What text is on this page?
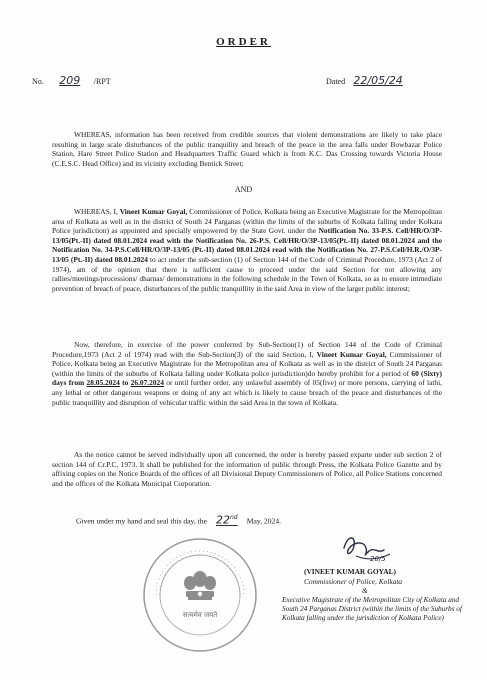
ORDER
No. 209 /RPT	Dated 22/05/24
WHEREAS, information has been received from credible sources that violent demonstrations are likely to take place resulting in large scale disturbances of the public tranquility and breach of the peace in the area falls under Bowbazar Police Station, Hare Street Police Station and Headquarters Traffic Guard which is from K.C. Das Crossing towards Victoria House (C.E.S.C. Head Office) and its vicinity excluding Bentick Street;
AND
WHEREAS, I, Vineet Kumar Goyal, Commissioner of Police, Kolkata being an Executive Magistrate for the Metropolitan area of Kolkata as well as in the district of South 24 Parganas (within the limits of the suburbs of Kolkata falling under Kolkata Police jurisdiction) as appointed and specially empowered by the State Govt. under the Notification No. 33-P.S. Cell/HR/O/3P-13/05(Pt.-II) dated 08.01.2024 read with the Notification No. 26-P.S. Cell/HR/O/3P-13/05(Pt.-II) dated 08.01.2024 and the Notification No. 34-P.S.Cell/HR/O/3P-13/05 (Pt.-II) dated 08.01.2024 read with the Notification No. 27-P.S.Cell/H.R./O/3P-13/05 (Pt.-II) dated 08.01.2024 to act under the sub-section (1) of Section 144 of the Code of Criminal Procedure, 1973 (Act 2 of 1974), am of the opinion that there is sufficient cause to proceed under the said Section for not allowing any rallies/meetings/processions/ dharnas/ demonstrations in the following schedule in the Town of Kolkata, so as to ensure immediate prevention of breach of peace, disturbances of the public tranquillity in the said Area in view of the larger public interest;
Now, therefore, in exercise of the power conferred by Sub-Section(1) of Section 144 of the Code of Criminal Procedure,1973 (Act 2 of 1974) read with the Sub-Section(3) of the said Section, I, Vineet Kumar Goyal, Commissioner of Police, Kolkata being an Executive Magistrate for the Metropolitan area of Kolkata as well as in the district of South 24 Parganas (within the limits of the suburbs of Kolkata falling under Kolkata police jurisdiction)do hereby prohibit for a period of 60 (Sixty) days from 28.05.2024 to 26.07.2024 or until further order, any unlawful assembly of 05(five) or more persons, carrying of lathi, any lethal or other dangerous weapons or doing of any act which is likely to cause breach of the peace and disturbances of the public tranquillity and disruption of vehicular traffic within the said Area in the town of Kolkata.
As the notice cannot be served individually upon all concerned, the order is hereby passed exparte under sub section 2 of section 144 of Cr.P.C, 1973. It shall be published for the information of public through Press, the Kolkata Police Gazette and by affixing copies on the Notice Boards of the offices of all Divisional Deputy Commissioners of Police, all Police Stations concerned and the offices of the Kolkata Municipal Corporation.
Given under my hand and seal this day, the 22nd May, 2024.
सत्यमेव जयते
20/5
(VINEET KUMAR GOYAL)
Commissioner of Police, Kolkata
&
Executive Magistrate of the Metropolitan City of Kolkata and South 24 Parganas District (within the limits of the Suburbs of Kolkata falling under the jurisdiction of Kolkata Police)
